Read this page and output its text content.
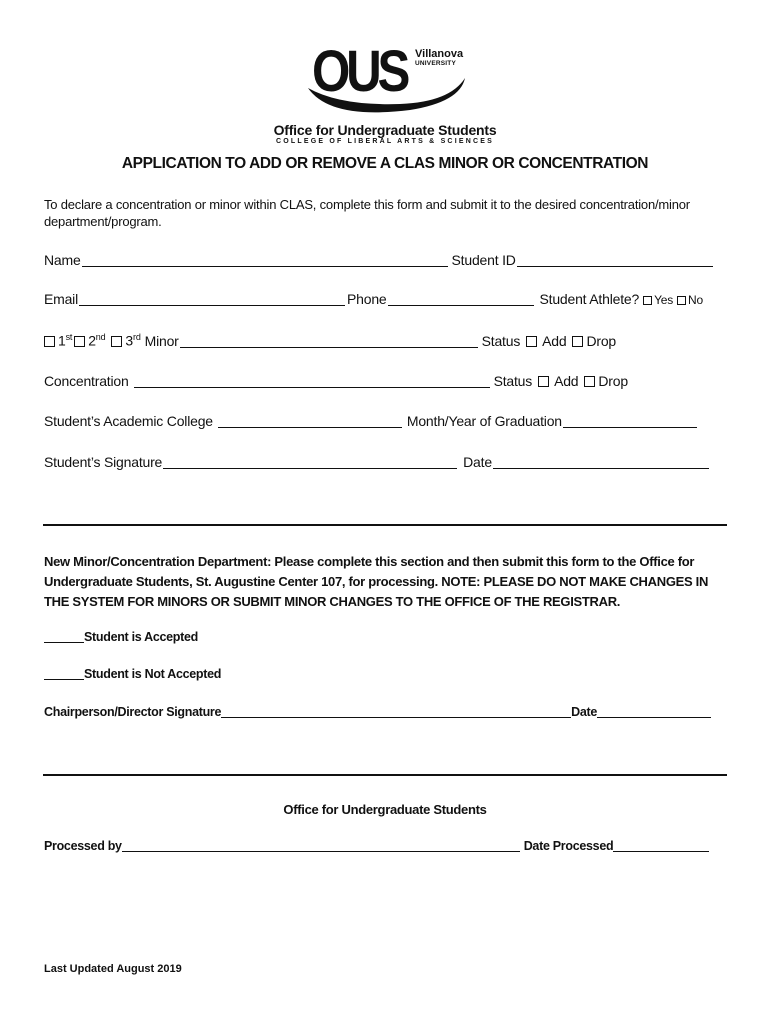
OUS Villanova
UNIVERSITY
Office for Undergraduate Students
COLLEGE OF LIBERAL ARTS & SCIENCES
APPLICATION TO ADD OR REMOVE A CLAS MINOR OR CONCENTRATION
To declare a concentration or minor within CLAS, complete this form and submit it to the desired concentration/minor department/program.
Name	Student ID
Email	Phone	Student Athlete? Yes No
1st 2nd 3rd Minor	Status Add Drop
Concentration	Status Add Drop
Student’s Academic College	Month/Year of Graduation
Student’s Signature	Date
New Minor/Concentration Department: Please complete this section and then submit this form to the Office for Undergraduate Students, St. Augustine Center 107, for processing. NOTE: PLEASE DO NOT MAKE CHANGES IN THE SYSTEM FOR MINORS OR SUBMIT MINOR CHANGES TO THE OFFICE OF THE REGISTRAR.
Student is Accepted
Student is Not Accepted
Chairperson/Director Signature	Date
Office for Undergraduate Students
Processed by	Date Processed
Last Updated August 2019
